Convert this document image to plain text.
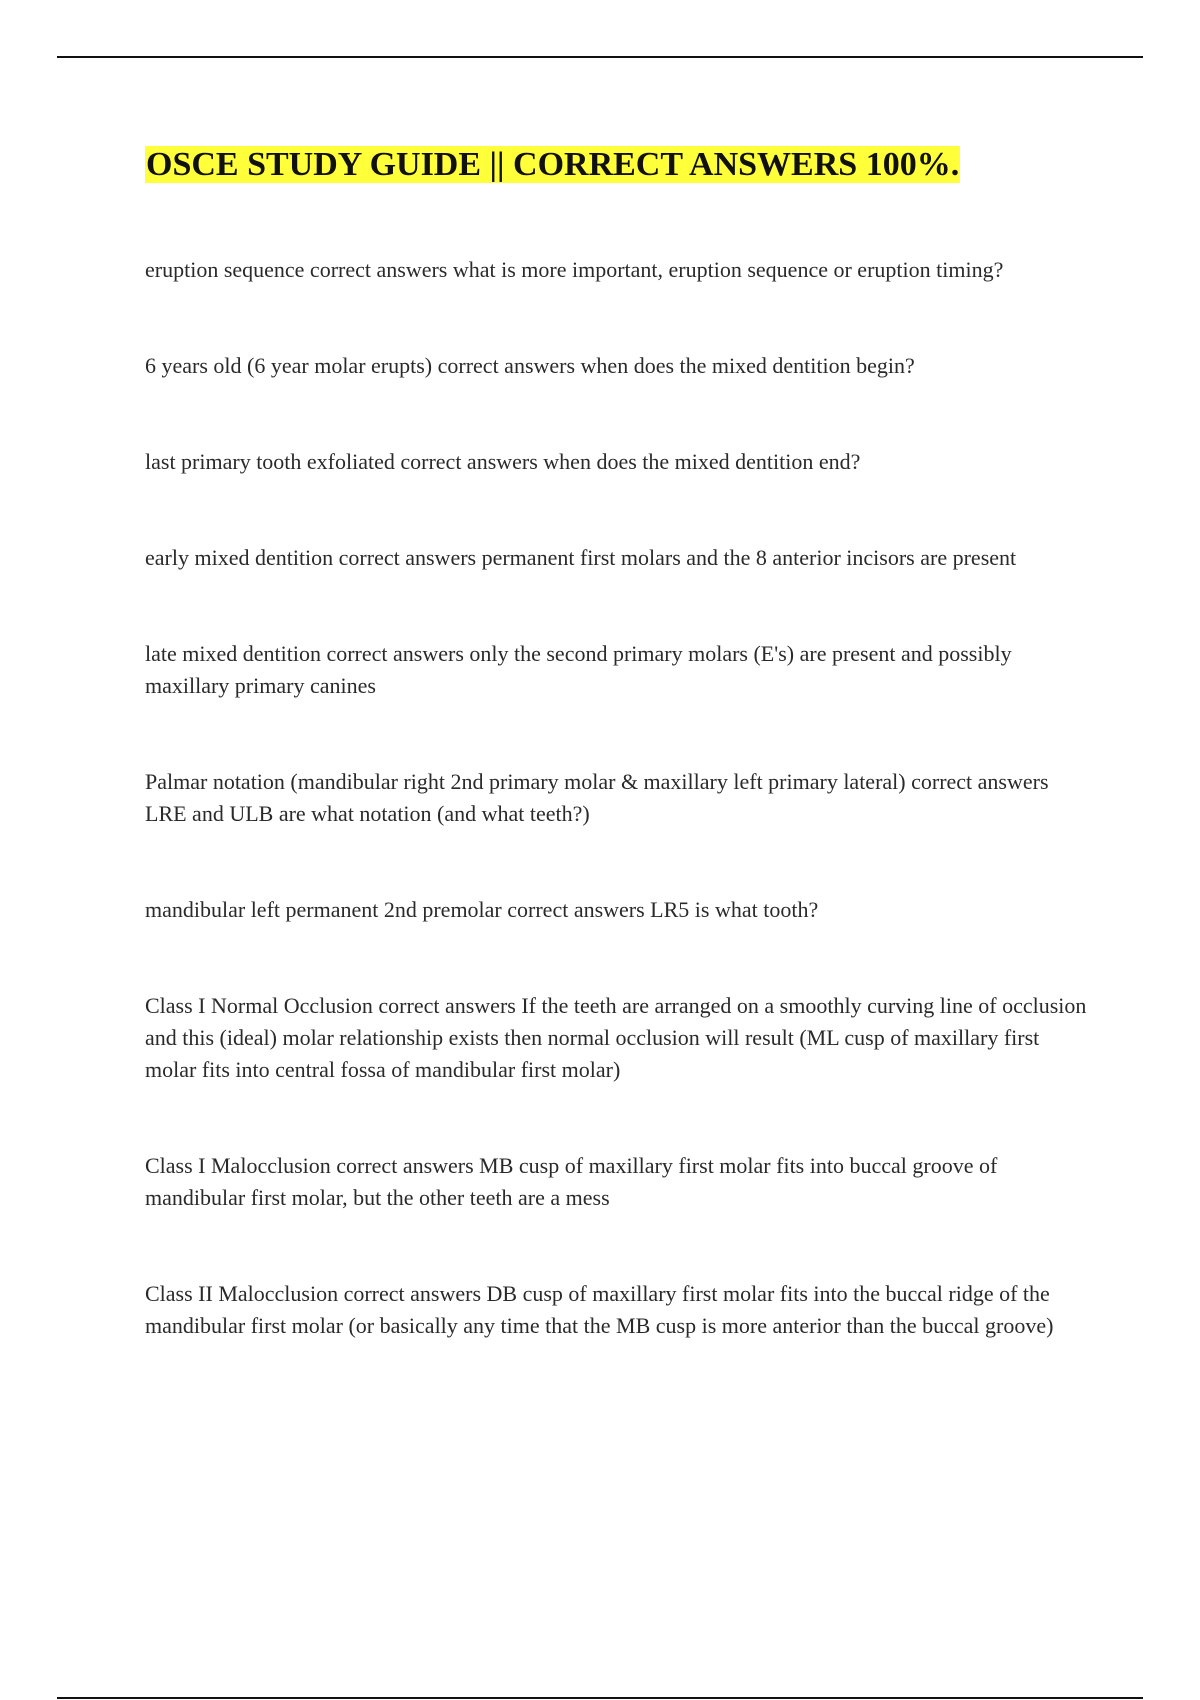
OSCE STUDY GUIDE || CORRECT ANSWERS 100%.
eruption sequence correct answers what is more important, eruption sequence or eruption timing?
6 years old (6 year molar erupts) correct answers when does the mixed dentition begin?
last primary tooth exfoliated correct answers when does the mixed dentition end?
early mixed dentition correct answers permanent first molars and the 8 anterior incisors are present
late mixed dentition correct answers only the second primary molars (E's) are present and possibly maxillary primary canines
Palmar notation (mandibular right 2nd primary molar & maxillary left primary lateral) correct answers LRE and ULB are what notation (and what teeth?)
mandibular left permanent 2nd premolar correct answers LR5 is what tooth?
Class I Normal Occlusion correct answers If the teeth are arranged on a smoothly curving line of occlusion and this (ideal) molar relationship exists then normal occlusion will result (ML cusp of maxillary first molar fits into central fossa of mandibular first molar)
Class I Malocclusion correct answers MB cusp of maxillary first molar fits into buccal groove of mandibular first molar, but the other teeth are a mess
Class II Malocclusion correct answers DB cusp of maxillary first molar fits into the buccal ridge of the mandibular first molar (or basically any time that the MB cusp is more anterior than the buccal groove)
